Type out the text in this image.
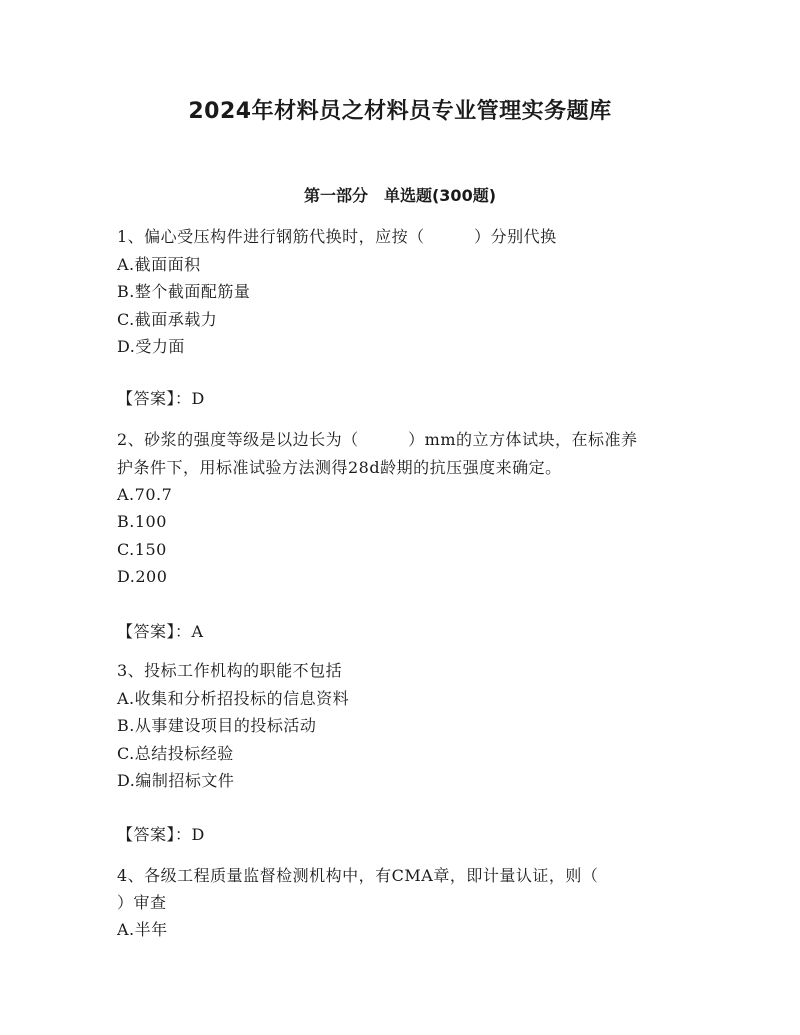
2024年材料员之材料员专业管理实务题库
第一部分　单选题(300题)
1、偏心受压构件进行钢筋代换时，应按（　　　）分别代换
A.截面面积
B.整个截面配筋量
C.截面承载力
D.受力面
【答案】：D
2、砂浆的强度等级是以边长为（　　　）mm的立方体试块，在标准养
护条件下，用标准试验方法测得28d龄期的抗压强度来确定。
A.70.7
B.100
C.150
D.200
【答案】：A
3、投标工作机构的职能不包括
A.收集和分析招投标的信息资料
B.从事建设项目的投标活动
C.总结投标经验
D.编制招标文件
【答案】：D
4、各级工程质量监督检测机构中，有CMA章，即计量认证，则（
）审查
A.半年
